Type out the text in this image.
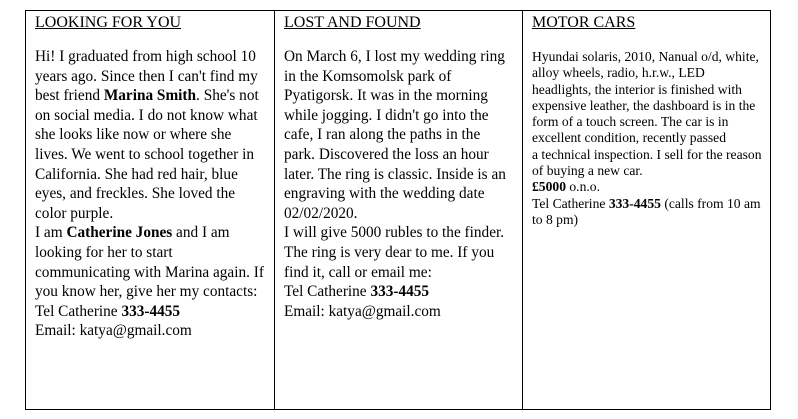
LOOKING FOR YOU
Hi! I graduated from high school 10 years ago. Since then I can't find my best friend Marina Smith. She's not on social media. I do not know what she looks like now or where she lives. We went to school together in California. She had red hair, blue eyes, and freckles. She loved the color purple.
I am Catherine Jones and I am looking for her to start communicating with Marina again. If you know her, give her my contacts:
Tel Catherine 333-4455
Email: katya@gmail.com

LOST AND FOUND
On March 6, I lost my wedding ring in the Komsomolsk park of Pyatigorsk. It was in the morning while jogging. I didn't go into the cafe, I ran along the paths in the park. Discovered the loss an hour later. The ring is classic. Inside is an engraving with the wedding date 02/02/2020.
I will give 5000 rubles to the finder. The ring is very dear to me. If you find it, call or email me:
Tel Catherine 333-4455
Email: katya@gmail.com

MOTOR CARS
Hyundai solaris, 2010, Nanual o/d, white, alloy wheels, radio, h.r.w., LED headlights, the interior is finished with expensive leather, the dashboard is in the form of a touch screen. The car is in excellent condition, recently passed
a technical inspection. I sell for the reason of buying a new car.
£5000 o.n.o.
Tel Catherine 333-4455 (calls from 10 am to 8 pm)
